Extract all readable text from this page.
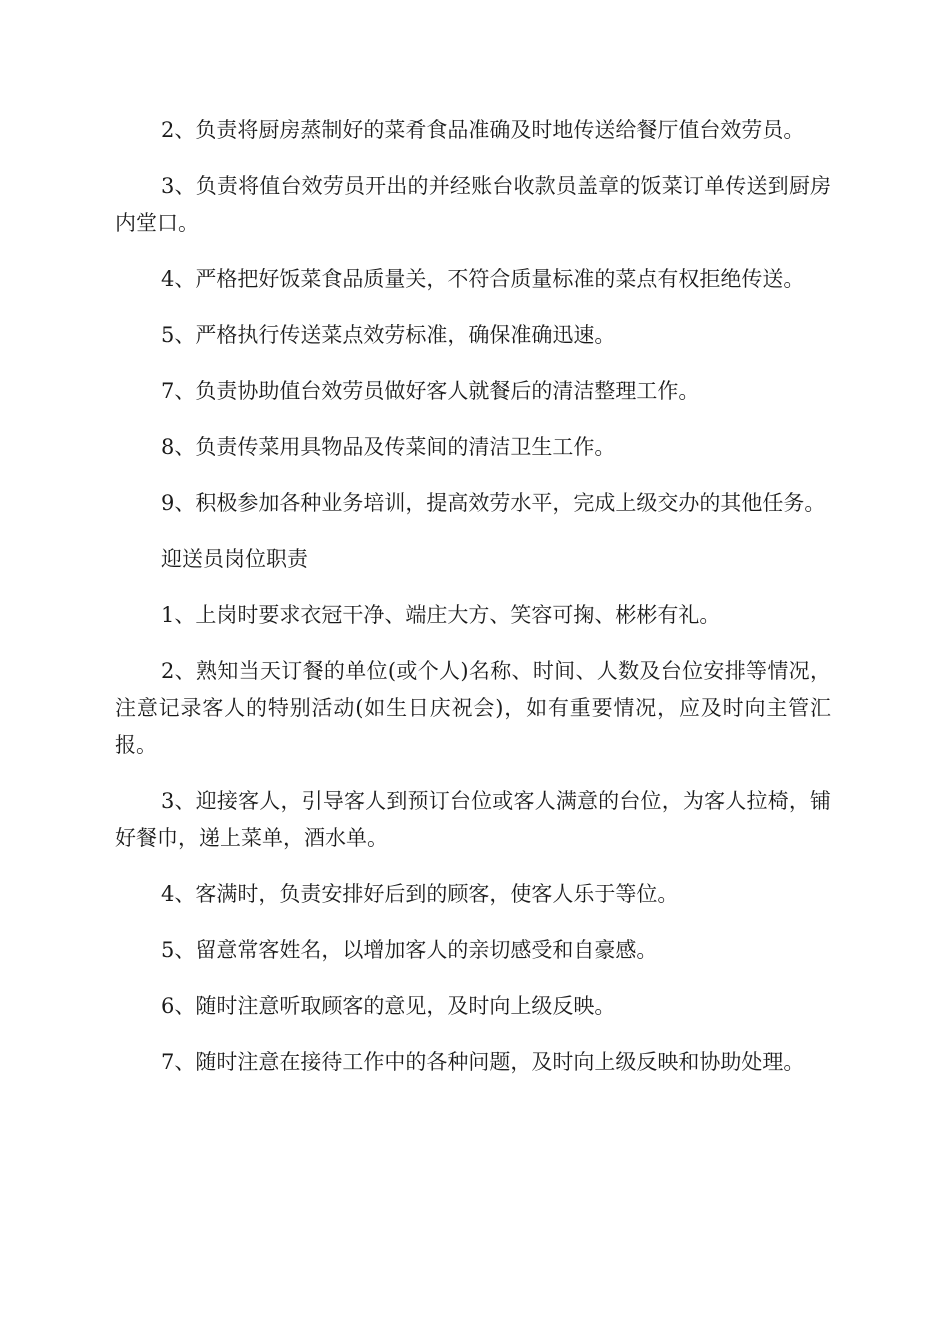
2、负责将厨房蒸制好的菜肴食品准确及时地传送给餐厅值台效劳员。

3、负责将值台效劳员开出的并经账台收款员盖章的饭菜订单传送到厨房内堂口。

4、严格把好饭菜食品质量关，不符合质量标准的菜点有权拒绝传送。

5、严格执行传送菜点效劳标准，确保准确迅速。

7、负责协助值台效劳员做好客人就餐后的清洁整理工作。

8、负责传菜用具物品及传菜间的清洁卫生工作。

9、积极参加各种业务培训，提高效劳水平，完成上级交办的其他任务。

迎送员岗位职责

1、上岗时要求衣冠干净、端庄大方、笑容可掬、彬彬有礼。

2、熟知当天订餐的单位(或个人)名称、时间、人数及台位安排等情况，注意记录客人的特别活动(如生日庆祝会)，如有重要情况，应及时向主管汇报。

3、迎接客人，引导客人到预订台位或客人满意的台位，为客人拉椅，铺好餐巾，递上菜单，酒水单。

4、客满时，负责安排好后到的顾客，使客人乐于等位。

5、留意常客姓名，以增加客人的亲切感受和自豪感。

6、随时注意听取顾客的意见，及时向上级反映。

7、随时注意在接待工作中的各种问题，及时向上级反映和协助处理。
